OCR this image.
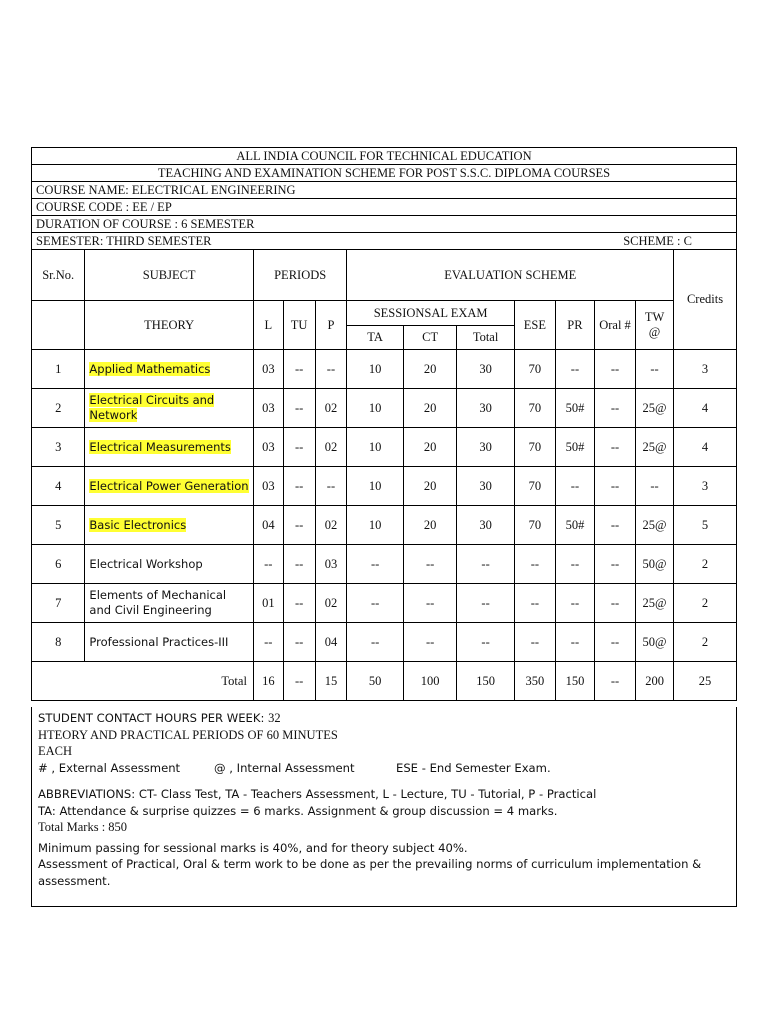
ALL INDIA COUNCIL FOR TECHNICAL EDUCATION												
TEACHING AND EXAMINATION SCHEME FOR POST S.S.C. DIPLOMA COURSES												
COURSE NAME: ELECTRICAL ENGINEERING												
COURSE CODE : EE / EP												
DURATION OF COURSE : 6 SEMESTER												
SEMESTER: THIRD SEMESTER SCHEME : C												

Sr.No.	SUBJECT	PERIODS			EVALUATION SCHEME							Credits
	THEORY	L	TU	P	SESSIONSAL EXAM			ESE	PR	Oral #	TW @	
					TA	CT	Total					
1	Applied Mathematics	03	--	--	10	20	30	70	--	--	--	3
2	Electrical Circuits and Network	03	--	02	10	20	30	70	50#	--	25@	4
3	Electrical Measurements	03	--	02	10	20	30	70	50#	--	25@	4
4	Electrical Power Generation	03	--	--	10	20	30	70	--	--	--	3
5	Basic Electronics	04	--	02	10	20	30	70	50#	--	25@	5
6	Electrical Workshop	--	--	03	--	--	--	--	--	--	50@	2
7	Elements of Mechanical and Civil Engineering	01	--	02	--	--	--	--	--	--	25@	2
8	Professional Practices-III	--	--	04	--	--	--	--	--	--	50@	2
Total		16	--	15	50	100	150	350	150	--	200	25
STUDENT CONTACT HOURS PER WEEK: 32
HTEORY AND PRACTICAL PERIODS OF 60 MINUTES
EACH
# , External Assessment	@ , Internal Assessment	ESE - End Semester Exam.
ABBREVIATIONS: CT- Class Test, TA - Teachers Assessment, L - Lecture, TU - Tutorial, P - Practical
TA: Attendance & surprise quizzes = 6 marks. Assignment & group discussion = 4 marks.
Total Marks : 850
Minimum passing for sessional marks is 40%, and for theory subject 40%.
Assessment of Practical, Oral & term work to be done as per the prevailing norms of curriculum implementation & assessment.
